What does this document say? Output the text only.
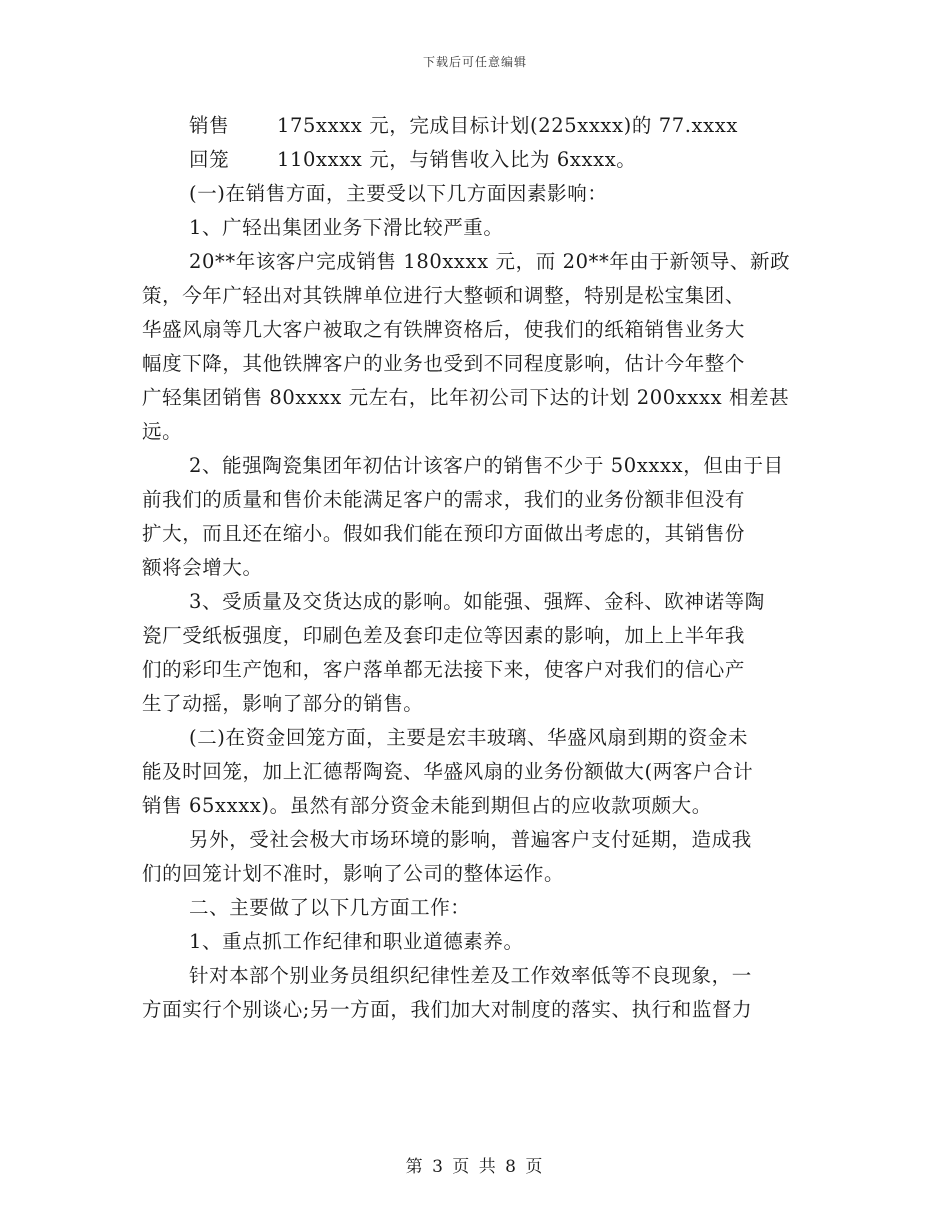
下载后可任意编辑
销售 175xxxx 元，完成目标计划(225xxxx)的 77.xxxx
回笼 110xxxx 元，与销售收入比为 6xxxx。
(一)在销售方面，主要受以下几方面因素影响：
1、广轻出集团业务下滑比较严重。
20**年该客户完成销售 180xxxx 元，而 20**年由于新领导、新政
策，今年广轻出对其铁牌单位进行大整顿和调整，特别是松宝集团、
华盛风扇等几大客户被取之有铁牌资格后，使我们的纸箱销售业务大
幅度下降，其他铁牌客户的业务也受到不同程度影响，估计今年整个
广轻集团销售 80xxxx 元左右，比年初公司下达的计划 200xxxx 相差甚
远。
2、能强陶瓷集团年初估计该客户的销售不少于 50xxxx，但由于目
前我们的质量和售价未能满足客户的需求，我们的业务份额非但没有
扩大，而且还在缩小。假如我们能在预印方面做出考虑的，其销售份
额将会增大。
3、受质量及交货达成的影响。如能强、强辉、金科、欧神诺等陶
瓷厂受纸板强度，印刷色差及套印走位等因素的影响，加上上半年我
们的彩印生产饱和，客户落单都无法接下来，使客户对我们的信心产
生了动摇，影响了部分的销售。
(二)在资金回笼方面，主要是宏丰玻璃、华盛风扇到期的资金未
能及时回笼，加上汇德帮陶瓷、华盛风扇的业务份额做大(两客户合计
销售 65xxxx)。虽然有部分资金未能到期但占的应收款项颇大。
另外，受社会极大市场环境的影响，普遍客户支付延期，造成我
们的回笼计划不准时，影响了公司的整体运作。
二、主要做了以下几方面工作：
1、重点抓工作纪律和职业道德素养。
针对本部个别业务员组织纪律性差及工作效率低等不良现象，一
方面实行个别谈心;另一方面，我们加大对制度的落实、执行和监督力
第 3 页 共 8 页
